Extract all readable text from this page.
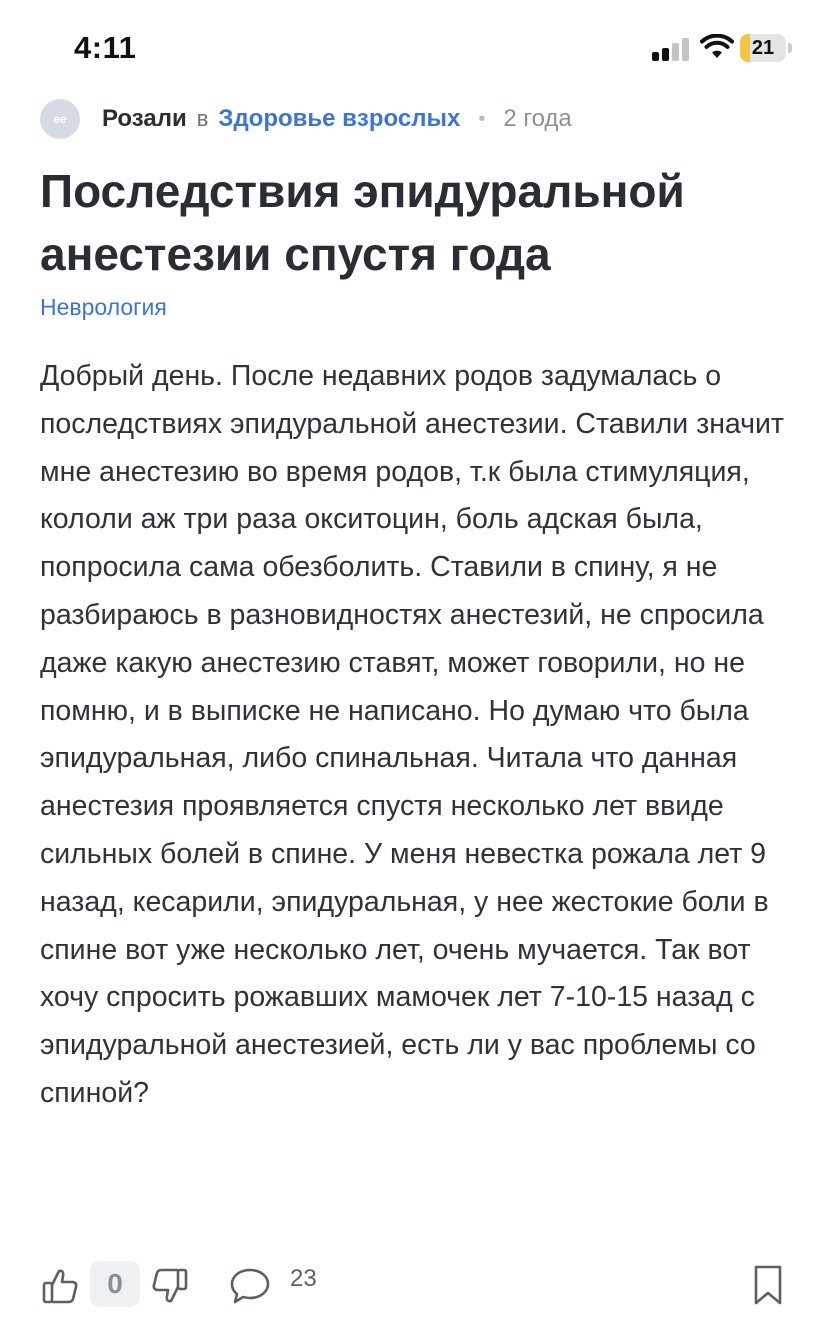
4:11	21
ее Розали в Здоровье взрослых • 2 года
Последствия эпидуральной анестезии спустя года
Неврология

Добрый день. После недавних родов задумалась о последствиях эпидуральной анестезии. Ставили значит мне анестезию во время родов, т.к была стимуляция, кололи аж три раза окситоцин, боль адская была, попросила сама обезболить. Ставили в спину, я не разбираюсь в разновидностях анестезий, не спросила даже какую анестезию ставят, может говорили, но не помню, и в выписке не написано. Но думаю что была эпидуральная, либо спинальная. Читала что данная анестезия проявляется спустя несколько лет ввиде сильных болей в спине. У меня невестка рожала лет 9 назад, кесарили, эпидуральная, у нее жестокие боли в спине вот уже несколько лет, очень мучается. Так вот хочу спросить рожавших мамочек лет 7-10-15 назад с эпидуральной анестезией, есть ли у вас проблемы со спиной?

0	23
